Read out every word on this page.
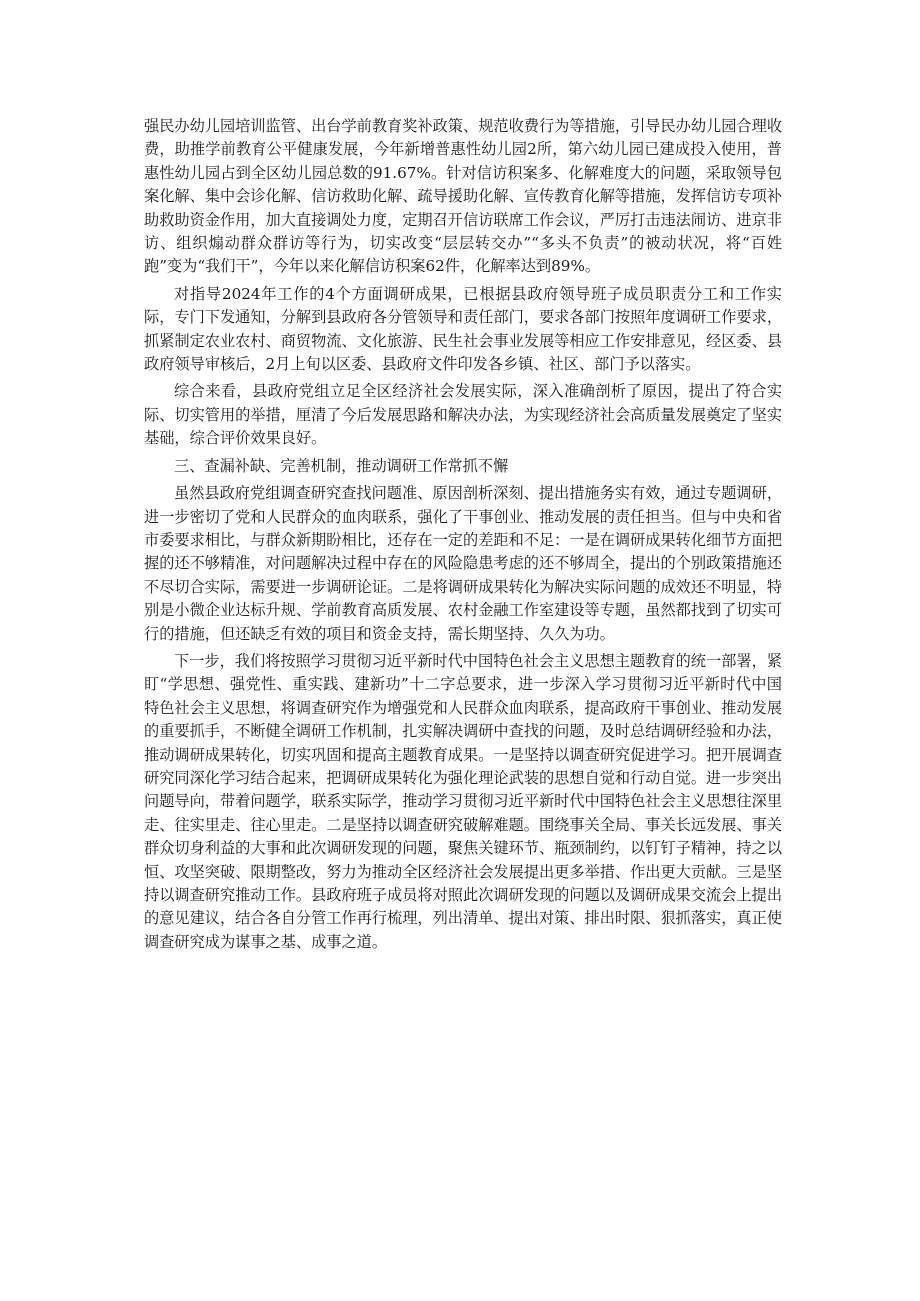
强民办幼儿园培训监管、出台学前教育奖补政策、规范收费行为等措施，引导民办幼儿园合理收费，助推学前教育公平健康发展，今年新增普惠性幼儿园2所，第六幼儿园已建成投入使用，普惠性幼儿园占到全区幼儿园总数的91.67%。针对信访积案多、化解难度大的问题，采取领导包案化解、集中会诊化解、信访救助化解、疏导援助化解、宣传教育化解等措施，发挥信访专项补助救助资金作用，加大直接调处力度，定期召开信访联席工作会议，严厉打击违法闹访、进京非访、组织煽动群众群访等行为，切实改变“层层转交办”“多头不负责”的被动状况，将“百姓跑”变为“我们干”，今年以来化解信访积案62件，化解率达到89%。

对指导2024年工作的4个方面调研成果，已根据县政府领导班子成员职责分工和工作实际，专门下发通知，分解到县政府各分管领导和责任部门，要求各部门按照年度调研工作要求，抓紧制定农业农村、商贸物流、文化旅游、民生社会事业发展等相应工作安排意见，经区委、县政府领导审核后，2月上旬以区委、县政府文件印发各乡镇、社区、部门予以落实。

综合来看，县政府党组立足全区经济社会发展实际，深入准确剖析了原因，提出了符合实际、切实管用的举措，厘清了今后发展思路和解决办法，为实现经济社会高质量发展奠定了坚实基础，综合评价效果良好。

三、查漏补缺、完善机制，推动调研工作常抓不懈

虽然县政府党组调查研究查找问题准、原因剖析深刻、提出措施务实有效，通过专题调研，进一步密切了党和人民群众的血肉联系，强化了干事创业、推动发展的责任担当。但与中央和省市委要求相比，与群众新期盼相比，还存在一定的差距和不足：一是在调研成果转化细节方面把握的还不够精准，对问题解决过程中存在的风险隐患考虑的还不够周全，提出的个别政策措施还不尽切合实际，需要进一步调研论证。二是将调研成果转化为解决实际问题的成效还不明显，特别是小微企业达标升规、学前教育高质发展、农村金融工作室建设等专题，虽然都找到了切实可行的措施，但还缺乏有效的项目和资金支持，需长期坚持、久久为功。

下一步，我们将按照学习贯彻习近平新时代中国特色社会主义思想主题教育的统一部署，紧盯“学思想、强党性、重实践、建新功”十二字总要求，进一步深入学习贯彻习近平新时代中国特色社会主义思想，将调查研究作为增强党和人民群众血肉联系，提高政府干事创业、推动发展的重要抓手，不断健全调研工作机制，扎实解决调研中查找的问题，及时总结调研经验和办法，推动调研成果转化，切实巩固和提高主题教育成果。一是坚持以调查研究促进学习。把开展调查研究同深化学习结合起来，把调研成果转化为强化理论武装的思想自觉和行动自觉。进一步突出问题导向，带着问题学，联系实际学，推动学习贯彻习近平新时代中国特色社会主义思想往深里走、往实里走、往心里走。二是坚持以调查研究破解难题。围绕事关全局、事关长远发展、事关群众切身利益的大事和此次调研发现的问题，聚焦关键环节、瓶颈制约，以钉钉子精神，持之以恒、攻坚突破、限期整改，努力为推动全区经济社会发展提出更多举措、作出更大贡献。三是坚持以调查研究推动工作。县政府班子成员将对照此次调研发现的问题以及调研成果交流会上提出的意见建议，结合各自分管工作再行梳理，列出清单、提出对策、排出时限、狠抓落实，真正使调查研究成为谋事之基、成事之道。
